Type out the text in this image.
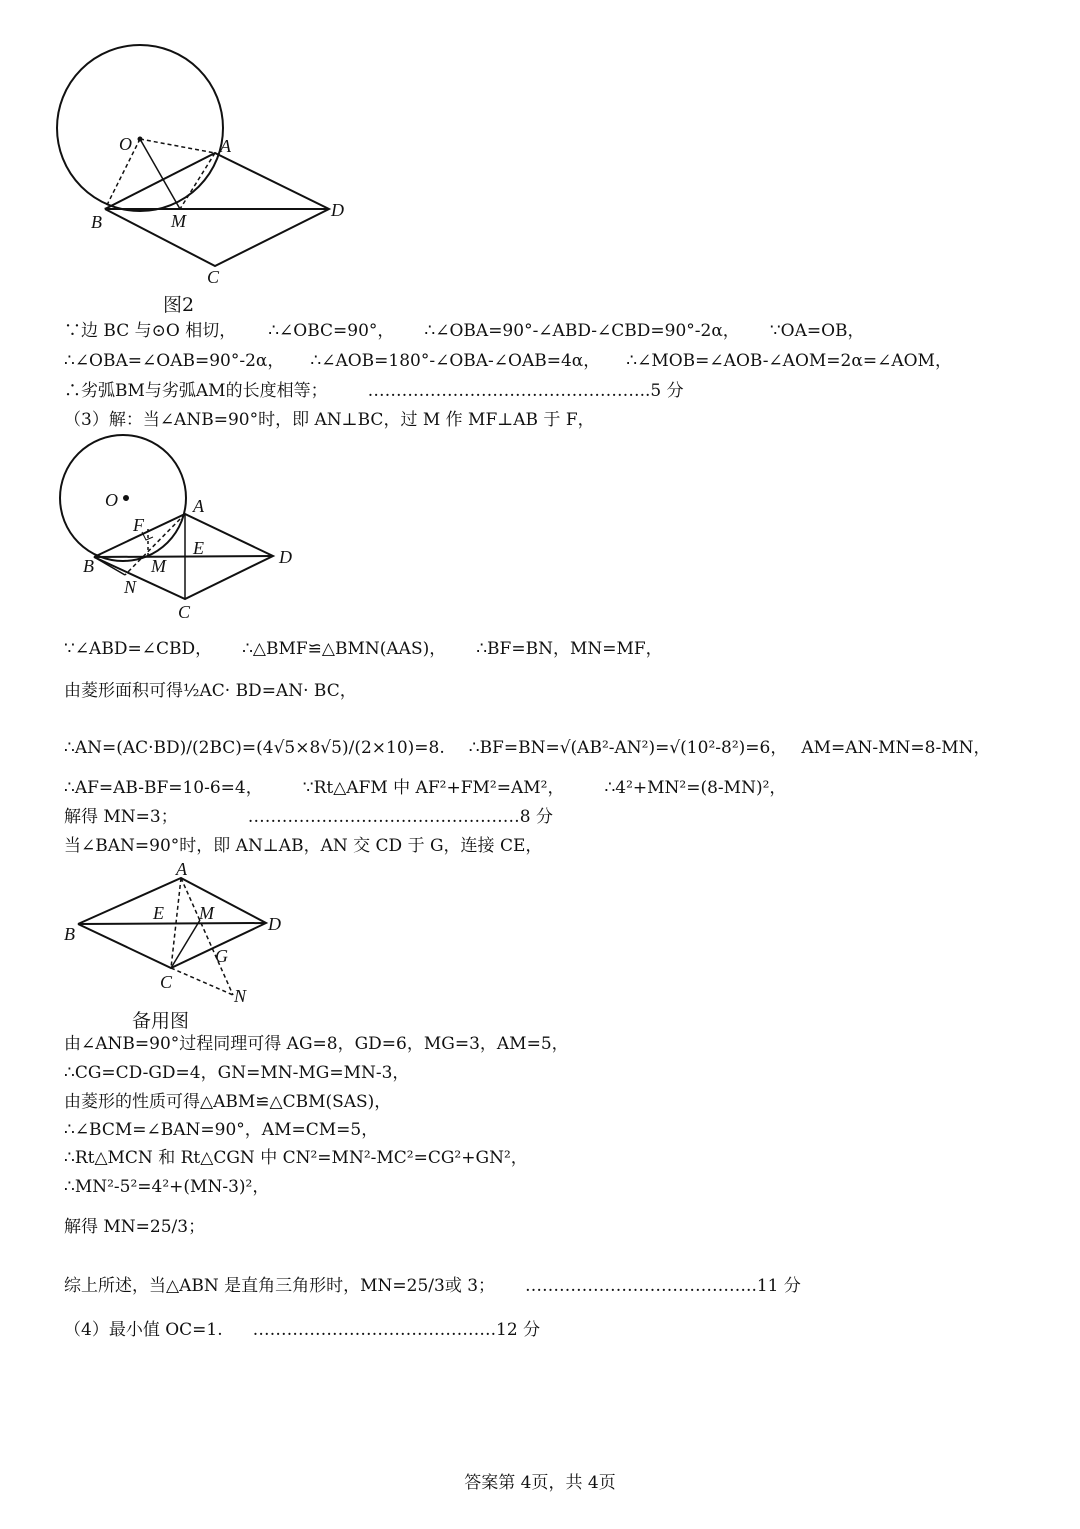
O	A
B	M
D
C
图2
∵边 BC 与⊙O 相切， ∴∠OBC=90°， ∴∠OBA=90°-∠ABD-∠CBD=90°-2α， ∵OA=OB，
∴∠OBA=∠OAB=90°-2α， ∴∠AOB=180°-∠OBA-∠OAB=4α， ∴∠MOB=∠AOB-∠AOM=2α=∠AOM，
∴劣弧BM与劣弧AM的长度相等； …………………………………………..5 分
（3）解：当∠ANB=90°时，即 AN⊥BC，过 M 作 MF⊥AB 于 F，
O	A
F
E	D
B	M
N
C
∵∠ABD=∠CBD， ∴△BMF≌△BMN(AAS)， ∴BF=BN，MN=MF，
由菱形面积可得½AC· BD=AN· BC，
∴AN=(AC·BD)/(2BC)=(4√5×8√5)/(2×10)=8. ∴BF=BN=√(AB²-AN²)=√(10²-8²)=6， AM=AN-MN=8-MN，
∴AF=AB-BF=10-6=4， ∵Rt△AFM 中 AF²+FM²=AM²， ∴4²+MN²=(8-MN)²，
解得 MN=3；	…………………………………………8 分
当∠BAN=90°时，即 AN⊥AB，AN 交 CD 于 G，连接 CE，
A
E M
D
B
G
C
N
备用图
由∠ANB=90°过程同理可得 AG=8，GD=6，MG=3，AM=5，
∴CG=CD-GD=4，GN=MN-MG=MN-3，
由菱形的性质可得△ABM≌△CBM(SAS)，
∴∠BCM=∠BAN=90°，AM=CM=5，
∴Rt△MCN 和 Rt△CGN 中 CN²=MN²-MC²=CG²+GN²，
∴MN²-5²=4²+(MN-3)²，
解得 MN=25/3；
综上所述，当△ABN 是直角三角形时，MN=25/3或 3； …………………………………..11 分
（4）最小值 OC=1. …………………………………….12 分
答案第 4页，共 4页
